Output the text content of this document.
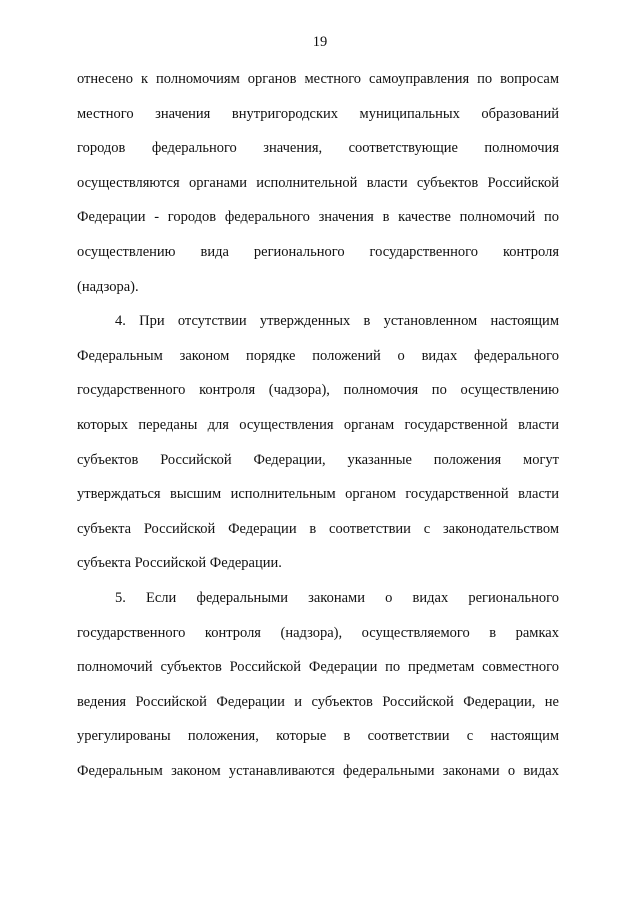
19
отнесено к полномочиям органов местного самоуправления по вопросам
местного значения внутригородских муниципальных образований
городов федерального значения, соответствующие полномочия
осуществляются органами исполнительной власти субъектов Российской
Федерации - городов федерального значения в качестве полномочий по
осуществлению вида регионального государственного контроля
(надзора).
4. При отсутствии утвержденных в установленном настоящим
Федеральным законом порядке положений о видах федерального
государственного контроля (чадзора), полномочия по осуществлению
которых переданы для осуществления органам государственной власти
субъектов Российской Федерации, указанные положения могут
утверждаться высшим исполнительным органом государственной власти
субъекта Российской Федерации в соответствии с законодательством
субъекта Российской Федерации.
5. Если федеральными законами о видах регионального
государственного контроля (надзора), осуществляемого в рамках
полномочий субъектов Российской Федерации по предметам совместного
ведения Российской Федерации и субъектов Российской Федерации, не
урегулированы положения, которые в соответствии с настоящим
Федеральным законом устанавливаются федеральными законами о видах
